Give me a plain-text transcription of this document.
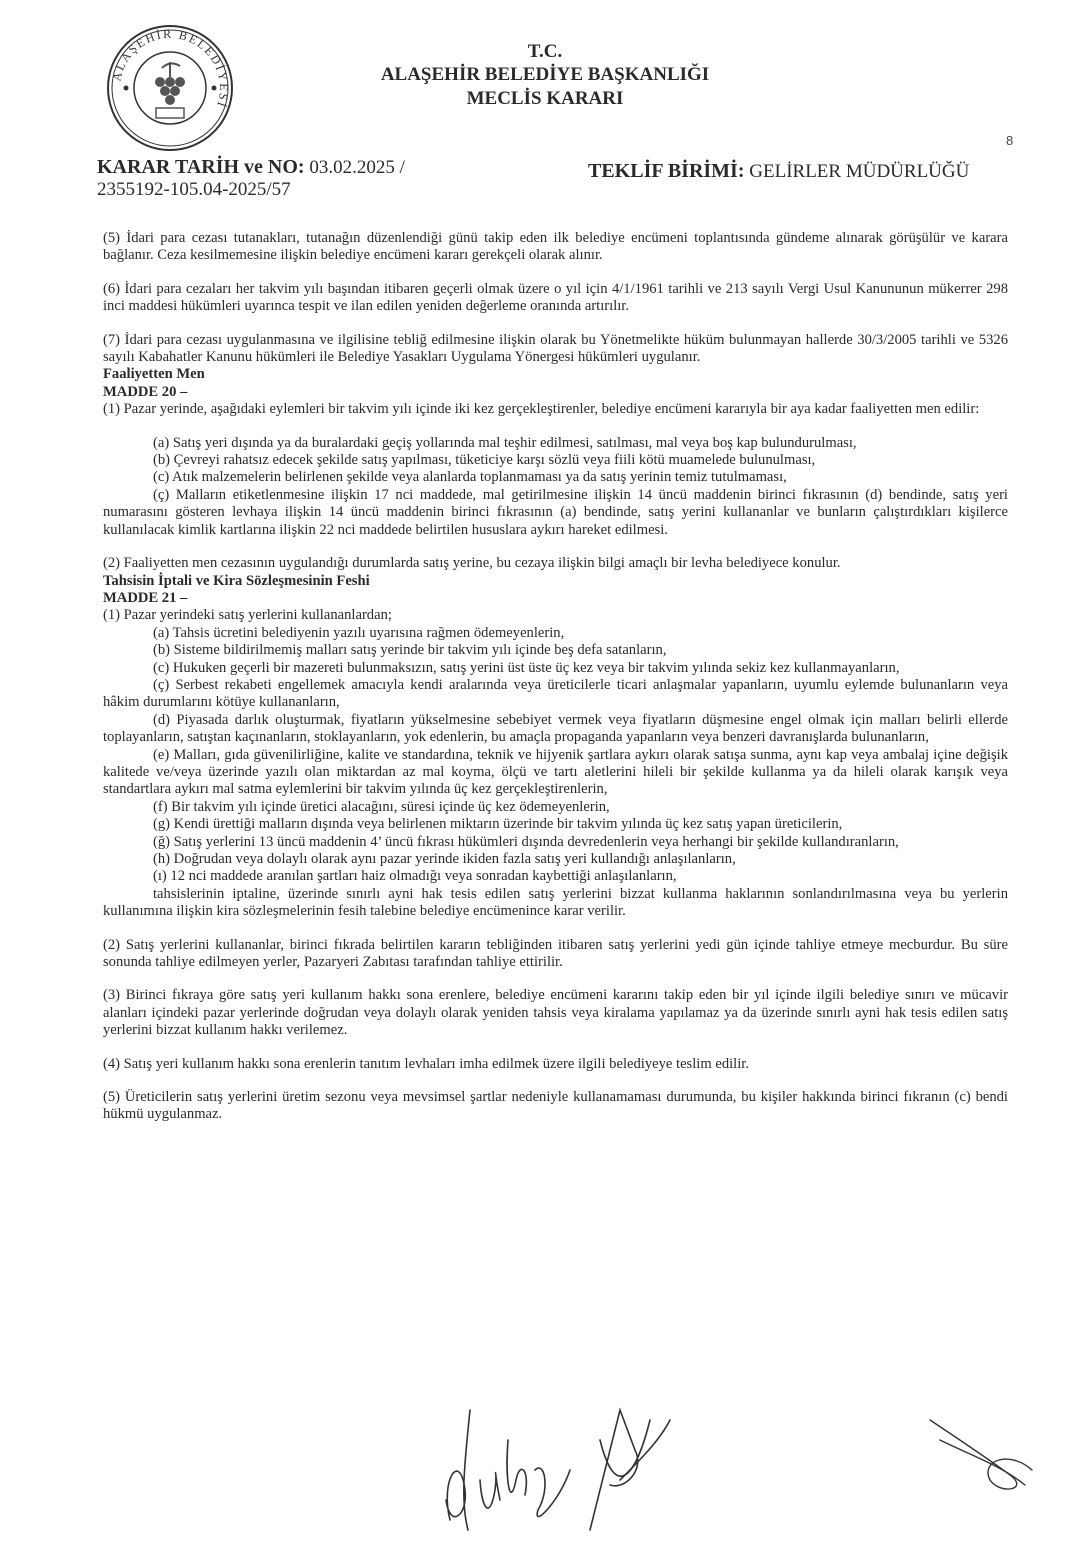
ALAŞEHİR BELEDİYESİ
T.C.
ALAŞEHİR BELEDİYE BAŞKANLIĞI
MECLİS KARARI
8
KARAR TARİH ve NO: 03.02.2025 /
2355192-105.04-2025/57
TEKLİF BİRİMİ: GELİRLER MÜDÜRLÜĞÜ

(5) İdari para cezası tutanakları, tutanağın düzenlendiği günü takip eden ilk belediye encümeni toplantısında gündeme alınarak görüşülür ve karara bağlanır. Ceza kesilmemesine ilişkin belediye encümeni kararı gerekçeli olarak alınır.

(6) İdari para cezaları her takvim yılı başından itibaren geçerli olmak üzere o yıl için 4/1/1961 tarihli ve 213 sayılı Vergi Usul Kanununun mükerrer 298 inci maddesi hükümleri uyarınca tespit ve ilan edilen yeniden değerleme oranında artırılır.

(7) İdari para cezası uygulanmasına ve ilgilisine tebliğ edilmesine ilişkin olarak bu Yönetmelikte hüküm bulunmayan hallerde 30/3/2005 tarihli ve 5326 sayılı Kabahatler Kanunu hükümleri ile Belediye Yasakları Uygulama Yönergesi hükümleri uygulanır.

Faaliyetten Men

MADDE 20 –

(1) Pazar yerinde, aşağıdaki eylemleri bir takvim yılı içinde iki kez gerçekleştirenler, belediye encümeni kararıyla bir aya kadar faaliyetten men edilir:

(a) Satış yeri dışında ya da buralardaki geçiş yollarında mal teşhir edilmesi, satılması, mal veya boş kap bulundurulması,

(b) Çevreyi rahatsız edecek şekilde satış yapılması, tüketiciye karşı sözlü veya fiili kötü muamelede bulunulması,

(c) Atık malzemelerin belirlenen şekilde veya alanlarda toplanmaması ya da satış yerinin temiz tutulmaması,

(ç) Malların etiketlenmesine ilişkin 17 nci maddede, mal getirilmesine ilişkin 14 üncü maddenin birinci fıkrasının (d) bendinde, satış yeri numarasını gösteren levhaya ilişkin 14 üncü maddenin birinci fıkrasının (a) bendinde, satış yerini kullananlar ve bunların çalıştırdıkları kişilerce kullanılacak kimlik kartlarına ilişkin 22 nci maddede belirtilen hususlara aykırı hareket edilmesi.

(2) Faaliyetten men cezasının uygulandığı durumlarda satış yerine, bu cezaya ilişkin bilgi amaçlı bir levha belediyece konulur.

Tahsisin İptali ve Kira Sözleşmesinin Feshi

MADDE 21 –

(1) Pazar yerindeki satış yerlerini kullananlardan;

(a) Tahsis ücretini belediyenin yazılı uyarısına rağmen ödemeyenlerin,

(b) Sisteme bildirilmemiş malları satış yerinde bir takvim yılı içinde beş defa satanların,

(c) Hukuken geçerli bir mazereti bulunmaksızın, satış yerini üst üste üç kez veya bir takvim yılında sekiz kez kullanmayanların,

(ç) Serbest rekabeti engellemek amacıyla kendi aralarında veya üreticilerle ticari anlaşmalar yapanların, uyumlu eylemde bulunanların veya hâkim durumlarını kötüye kullananların,

(d) Piyasada darlık oluşturmak, fiyatların yükselmesine sebebiyet vermek veya fiyatların düşmesine engel olmak için malları belirli ellerde toplayanların, satıştan kaçınanların, stoklayanların, yok edenlerin, bu amaçla propaganda yapanların veya benzeri davranışlarda bulunanların,

(e) Malları, gıda güvenilirliğine, kalite ve standardına, teknik ve hijyenik şartlara aykırı olarak satışa sunma, aynı kap veya ambalaj içine değişik kalitede ve/veya üzerinde yazılı olan miktardan az mal koyma, ölçü ve tartı aletlerini hileli bir şekilde kullanma ya da hileli olarak karışık veya standartlara aykırı mal satma eylemlerini bir takvim yılında üç kez gerçekleştirenlerin,

(f) Bir takvim yılı içinde üretici alacağını, süresi içinde üç kez ödemeyenlerin,

(g) Kendi ürettiği malların dışında veya belirlenen miktarın üzerinde bir takvim yılında üç kez satış yapan üreticilerin,

(ğ) Satış yerlerini 13 üncü maddenin 4’ üncü fıkrası hükümleri dışında devredenlerin veya herhangi bir şekilde kullandıranların,

(h) Doğrudan veya dolaylı olarak aynı pazar yerinde ikiden fazla satış yeri kullandığı anlaşılanların,

(ı) 12 nci maddede aranılan şartları haiz olmadığı veya sonradan kaybettiği anlaşılanların,

tahsislerinin iptaline, üzerinde sınırlı ayni hak tesis edilen satış yerlerini bizzat kullanma haklarının sonlandırılmasına veya bu yerlerin kullanımına ilişkin kira sözleşmelerinin fesih talebine belediye encümenince karar verilir.

(2) Satış yerlerini kullananlar, birinci fıkrada belirtilen kararın tebliğinden itibaren satış yerlerini yedi gün içinde tahliye etmeye mecburdur. Bu süre sonunda tahliye edilmeyen yerler, Pazaryeri Zabıtası tarafından tahliye ettirilir.

(3) Birinci fıkraya göre satış yeri kullanım hakkı sona erenlere, belediye encümeni kararını takip eden bir yıl içinde ilgili belediye sınırı ve mücavir alanları içindeki pazar yerlerinde doğrudan veya dolaylı olarak yeniden tahsis veya kiralama yapılamaz ya da üzerinde sınırlı ayni hak tesis edilen satış yerlerini bizzat kullanım hakkı verilemez.

(4) Satış yeri kullanım hakkı sona erenlerin tanıtım levhaları imha edilmek üzere ilgili belediyeye teslim edilir.

(5) Üreticilerin satış yerlerini üretim sezonu veya mevsimsel şartlar nedeniyle kullanamaması durumunda, bu kişiler hakkında birinci fıkranın (c) bendi hükmü uygulanmaz.
